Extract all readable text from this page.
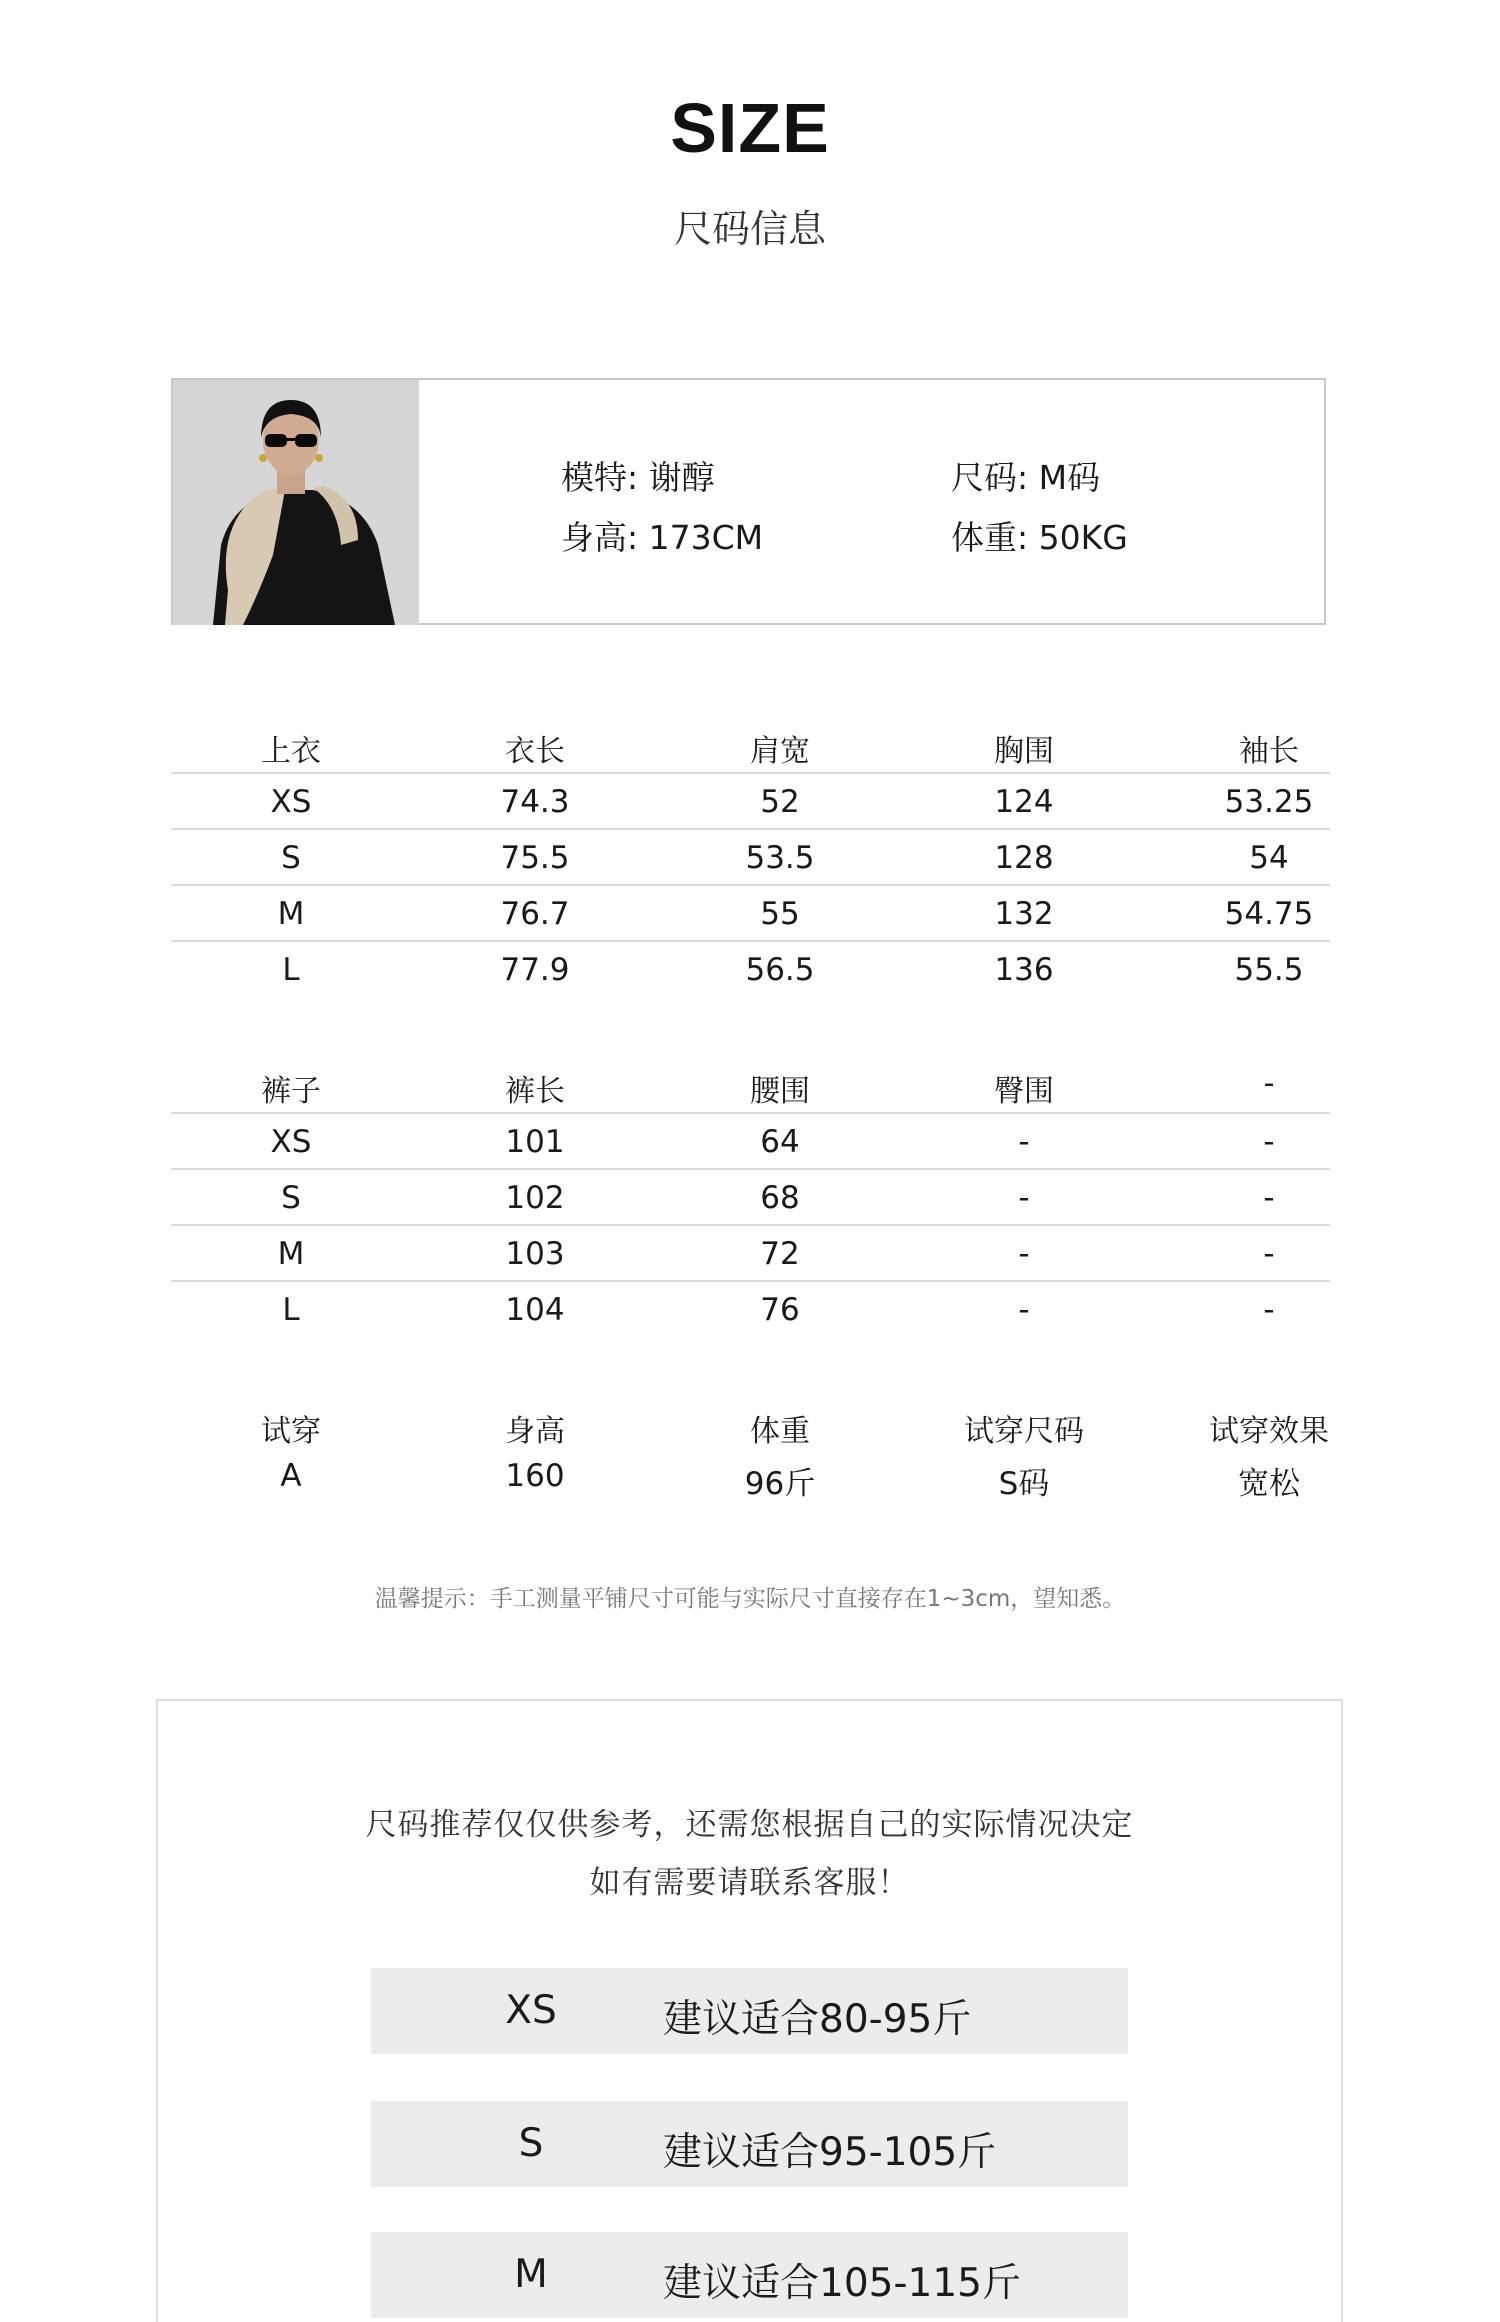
SIZE
尺码信息
模特: 谢醇	尺码: M码
身高: 173CM	体重: 50KG
上衣	衣长	肩宽	胸围	袖长
XS	74.3	52	124	53.25
S	75.5	53.5	128	54
M	76.7	55	132	54.75
L	77.9	56.5	136	55.5
裤子	裤长	腰围	臀围	-
XS	101	64	-	-
S	102	68	-	-
M	103	72	-	-
L	104	76	-	-
试穿	身高	体重	试穿尺码	试穿效果
A	160	96斤	S码	宽松
温馨提示：手工测量平铺尺寸可能与实际尺寸直接存在1~3cm，望知悉。
尺码推荐仅仅供参考，还需您根据自己的实际情况决定
如有需要请联系客服！
XS	建议适合80-95斤
S	建议适合95-105斤
M	建议适合105-115斤
